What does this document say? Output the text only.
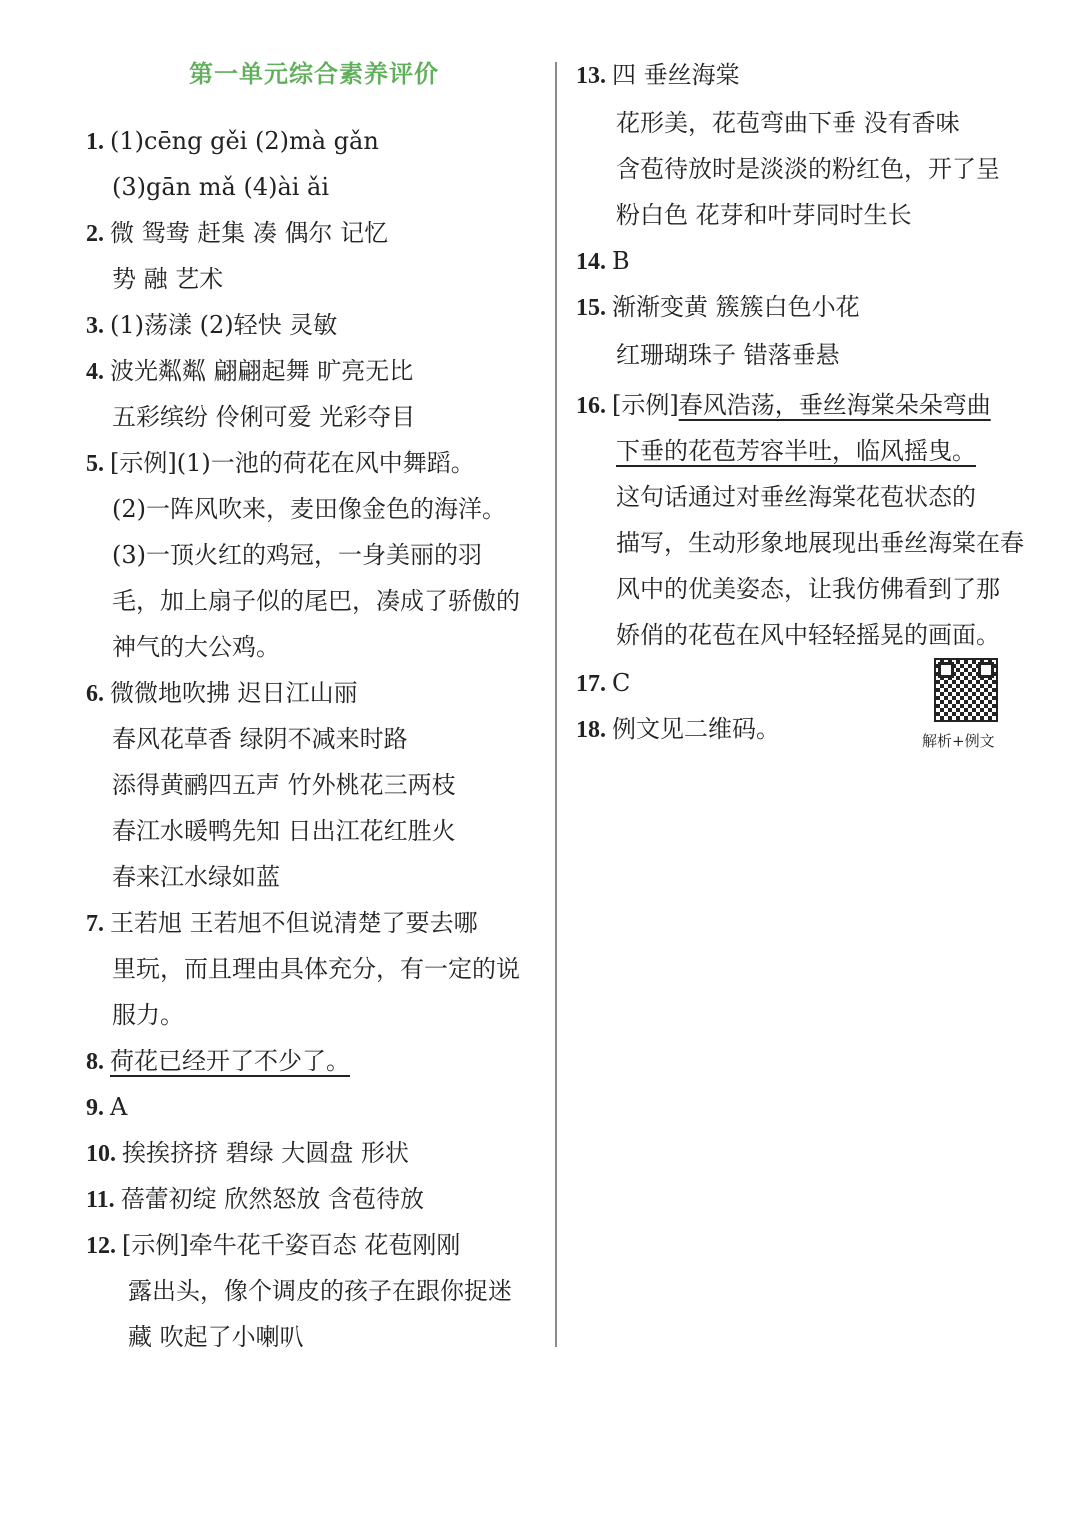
第一单元综合素养评价
1. (1)cēng gěi (2)mà gǎn
(3)gān mǎ (4)ài ǎi
2. 微 鸳鸯 赶集 凑 偶尔 记忆
势 融 艺术
3. (1)荡漾 (2)轻快 灵敏
4. 波光粼粼 翩翩起舞 旷亮无比
五彩缤纷 伶俐可爱 光彩夺目
5. [示例](1)一池的荷花在风中舞蹈。
(2)一阵风吹来，麦田像金色的海洋。
(3)一顶火红的鸡冠，一身美丽的羽
毛，加上扇子似的尾巴，凑成了骄傲的
神气的大公鸡。
6. 微微地吹拂 迟日江山丽
春风花草香 绿阴不减来时路
添得黄鹂四五声 竹外桃花三两枝
春江水暖鸭先知 日出江花红胜火
春来江水绿如蓝
7. 王若旭 王若旭不但说清楚了要去哪
里玩，而且理由具体充分，有一定的说
服力。
8. 荷花已经开了不少了。
9. A
10. 挨挨挤挤 碧绿 大圆盘 形状
11. 蓓蕾初绽 欣然怒放 含苞待放
12. [示例]牵牛花千姿百态 花苞刚刚
露出头，像个调皮的孩子在跟你捉迷
藏 吹起了小喇叭
13. 四 垂丝海棠
花形美，花苞弯曲下垂 没有香味
含苞待放时是淡淡的粉红色，开了呈
粉白色 花芽和叶芽同时生长
14. B
15. 渐渐变黄 簇簇白色小花
红珊瑚珠子 错落垂悬
16. [示例]春风浩荡，垂丝海棠朵朵弯曲
下垂的花苞芳容半吐，临风摇曳。
这句话通过对垂丝海棠花苞状态的
描写，生动形象地展现出垂丝海棠在春
风中的优美姿态，让我仿佛看到了那
娇俏的花苞在风中轻轻摇晃的画面。
17. C
18. 例文见二维码。	解析+例文
